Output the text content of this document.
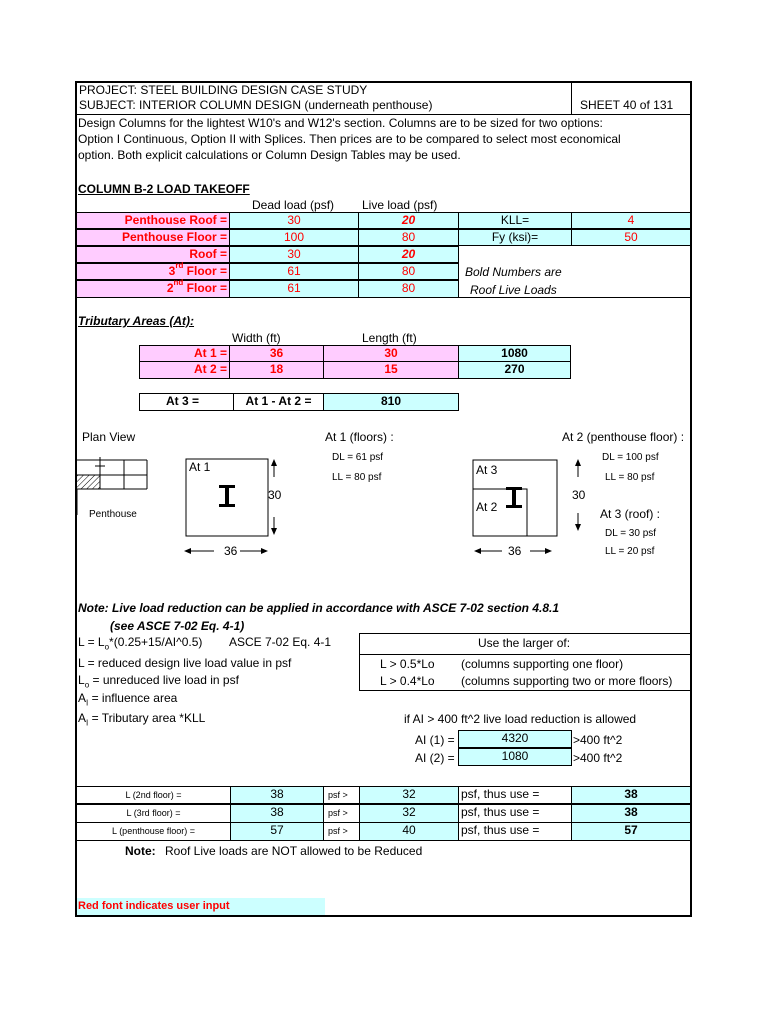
PROJECT: STEEL BUILDING DESIGN CASE STUDY
SUBJECT: INTERIOR COLUMN DESIGN (underneath penthouse)	SHEET 40 of 131
Design Columns for the lightest W10's and W12's section. Columns are to be sized for two options:
Option I Continuous, Option II with Splices. Then prices are to be compared to select most economical
option. Both explicit calculations or Column Design Tables may be used.
COLUMN B-2 LOAD TAKEOFF
Dead load (psf) Live load (psf)
Penthouse Roof =	30	20	KLL=	4
Penthouse Floor =	100	80	Fy (ksi)=	50
Roof =	30	20
3rd Floor =	61	80
2nd Floor =	61	80
Bold Numbers are
Roof Live Loads
Tributary Areas (At):
Width (ft)	Length (ft)
At 1 =	36	30	1080
At 2 =	18	15	270
At 3 =	At 1 - At 2 =	810
Plan View
Penthouse
At 1 (floors) :
DL = 61 psf
LL = 80 psf
At 1
30
36
At 2 (penthouse floor) :
DL = 100 psf
LL = 80 psf
At 3
At 2
30
36
At 3 (roof) :
DL = 30 psf
LL = 20 psf
Note: Live load reduction can be applied in accordance with ASCE 7-02 section 4.8.1
(see ASCE 7-02 Eq. 4-1)
$L = L_o*(0.25+15/AI\^{}0.5)$ ASCE 7-02 Eq. 4-1
L = reduced design live load value in psf
$L_o$ = unreduced live load in psf
$A_I$ = influence area
$A_I$ = Tributary area *KLL
Use the larger of:
L > 0.5*Lo (columns supporting one floor)
L > 0.4*Lo (columns supporting two or more floors)
if AI > 400 ft^2 live load reduction is allowed
AI (1) =	4320	>400 ft^2
AI (2) =	1080	>400 ft^2
L (2nd floor) =	38	psf >	32	psf, thus use =	38
L (3rd floor) =	38	psf >	32	psf, thus use =	38
L (penthouse floor) =	57	psf >	40	psf, thus use =	57
Note: Roof Live loads are NOT allowed to be Reduced
Red font indicates user input
